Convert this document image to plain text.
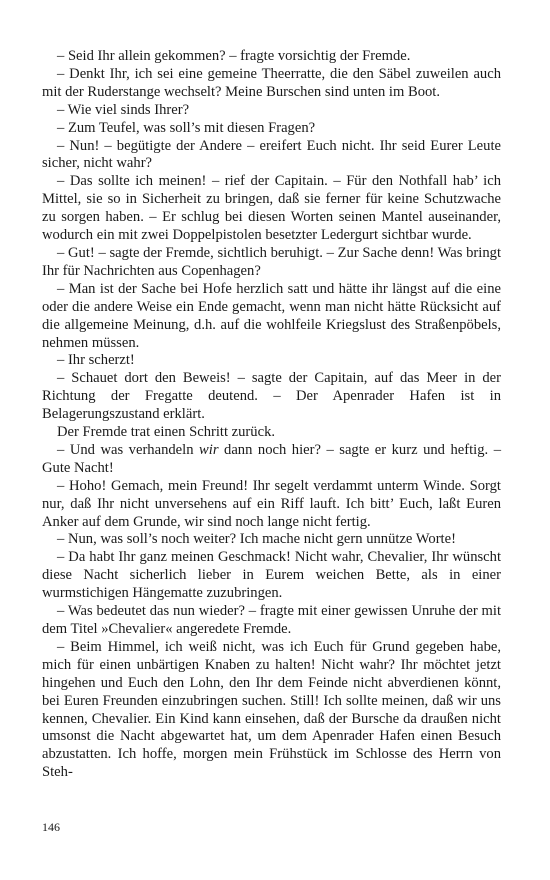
– Seid Ihr allein gekommen? – fragte vorsichtig der Fremde.

– Denkt Ihr, ich sei eine gemeine Theerratte, die den Säbel zuweilen auch mit der Ruderstange wechselt? Meine Burschen sind unten im Boot.

– Wie viel sinds Ihrer?

– Zum Teufel, was soll’s mit diesen Fragen?

– Nun! – begütigte der Andere – ereifert Euch nicht. Ihr seid Eurer Leute sicher, nicht wahr?

– Das sollte ich meinen! – rief der Capitain. – Für den Nothfall hab’ ich Mittel, sie so in Sicherheit zu bringen, daß sie ferner für keine Schutzwache zu sorgen haben. – Er schlug bei diesen Worten seinen Mantel auseinander, wodurch ein mit zwei Doppelpistolen besetzter Ledergurt sichtbar wurde.

– Gut! – sagte der Fremde, sichtlich beruhigt. – Zur Sache denn! Was bringt Ihr für Nachrichten aus Copenhagen?

– Man ist der Sache bei Hofe herzlich satt und hätte ihr längst auf die eine oder die andere Weise ein Ende gemacht, wenn man nicht hätte Rücksicht auf die allgemeine Meinung, d.h. auf die wohlfeile Kriegslust des Straßenpöbels, nehmen müssen.

– Ihr scherzt!

– Schauet dort den Beweis! – sagte der Capitain, auf das Meer in der Richtung der Fregatte deutend. – Der Apenrader Hafen ist in Belagerungszustand erklärt.

Der Fremde trat einen Schritt zurück.

– Und was verhandeln wir dann noch hier? – sagte er kurz und heftig. – Gute Nacht!

– Hoho! Gemach, mein Freund! Ihr segelt verdammt unterm Winde. Sorgt nur, daß Ihr nicht unversehens auf ein Riff lauft. Ich bitt’ Euch, laßt Euren Anker auf dem Grunde, wir sind noch lange nicht fertig.

– Nun, was soll’s noch weiter? Ich mache nicht gern unnütze Worte!

– Da habt Ihr ganz meinen Geschmack! Nicht wahr, Chevalier, Ihr wünscht diese Nacht sicherlich lieber in Eurem weichen Bette, als in einer wurmstichigen Hängematte zuzubringen.

– Was bedeutet das nun wieder? – fragte mit einer gewissen Unruhe der mit dem Titel »Chevalier« angeredete Fremde.

– Beim Himmel, ich weiß nicht, was ich Euch für Grund gegeben habe, mich für einen unbärtigen Knaben zu halten! Nicht wahr? Ihr möchtet jetzt hingehen und Euch den Lohn, den Ihr dem Feinde nicht abverdienen könnt, bei Euren Freunden einzubringen suchen. Still! Ich sollte meinen, daß wir uns kennen, Chevalier. Ein Kind kann einsehen, daß der Bursche da draußen nicht umsonst die Nacht abgewartet hat, um dem Apenrader Hafen einen Besuch abzustatten. Ich hoffe, morgen mein Frühstück im Schlosse des Herrn von Steh-

146
